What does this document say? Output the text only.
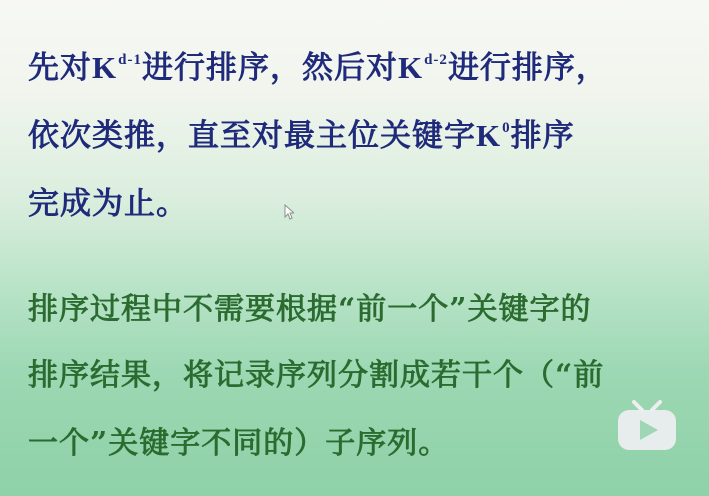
先对$K^{d-1}$进行排序，然后对$K^{d-2}$进行排序，
依次类推，直至对最主位关键字$K^0$排序
完成为止。
排序过程中不需要根据“前一个”关键字的
排序结果，将记录序列分割成若干个（“前
一个”关键字不同的）子序列。
